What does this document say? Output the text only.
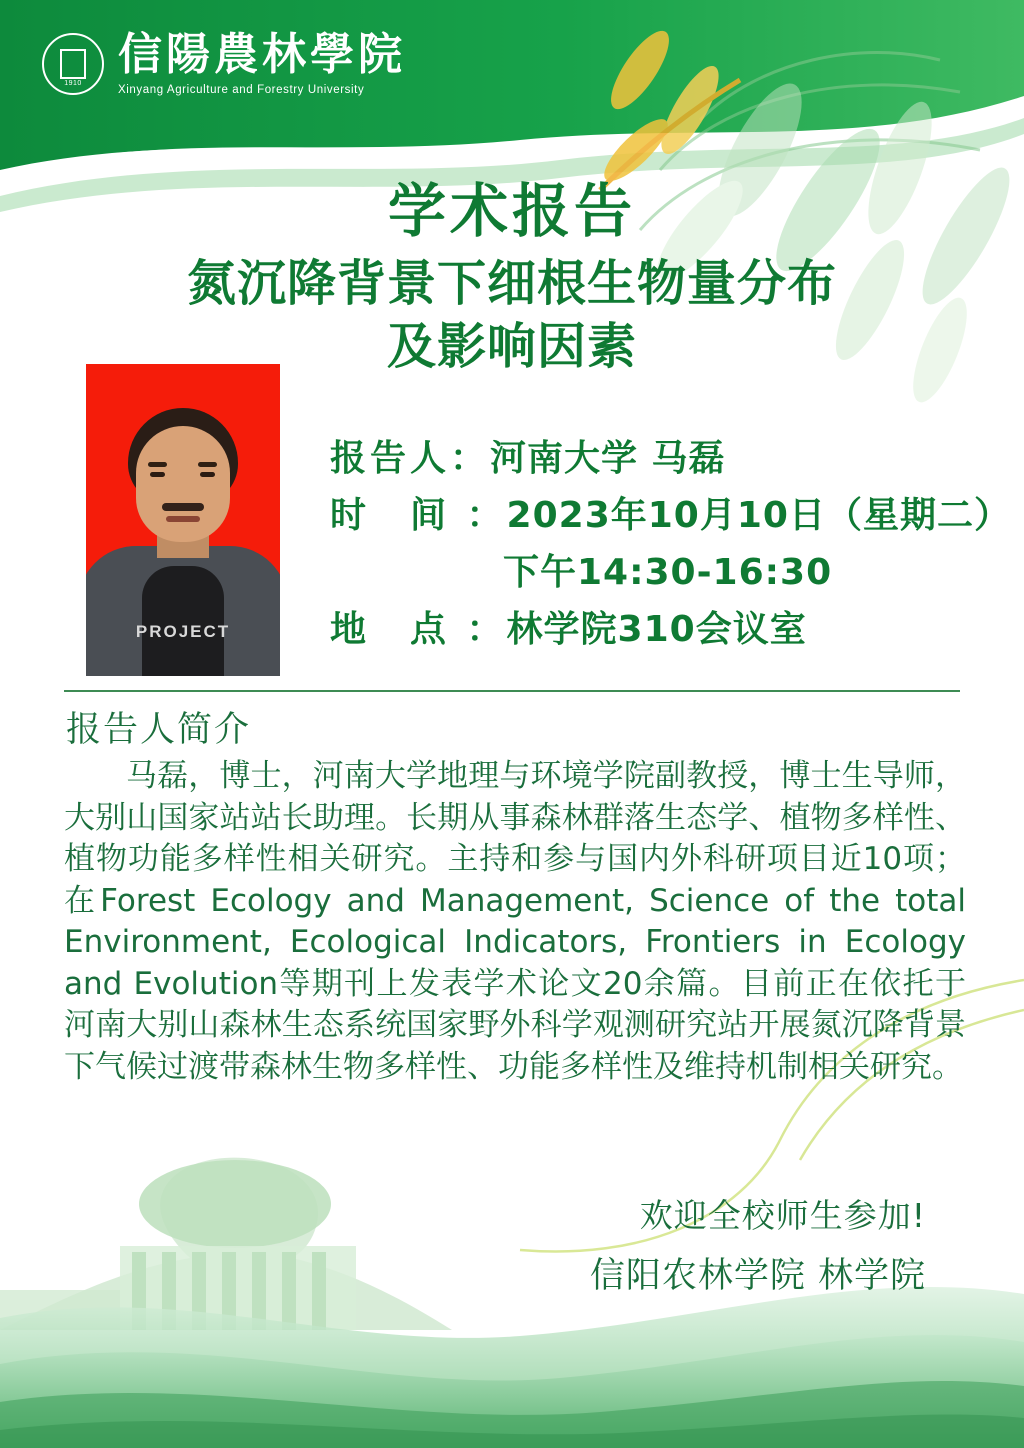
1910
信陽農林學院
Xinyang Agriculture and Forestry University
学术报告
氮沉降背景下细根生物量分布
及影响因素
PROJECT
报告人：河南大学 马磊
时　间 ：2023年10月10日（星期二）
下午14:30-16:30
地　点 ：林学院310会议室
报告人简介
马磊，博士，河南大学地理与环境学院副教授，博士生导师，大别山国家站站长助理。长期从事森林群落生态学、植物多样性、植物功能多样性相关研究。主持和参与国内外科研项目近10项；在Forest Ecology and Management, Science of the total Environment, Ecological Indicators, Frontiers in Ecology and Evolution等期刊上发表学术论文20余篇。目前正在依托于河南大别山森林生态系统国家野外科学观测研究站开展氮沉降背景下气候过渡带森林生物多样性、功能多样性及维持机制相关研究。
欢迎全校师生参加!
信阳农林学院 林学院
